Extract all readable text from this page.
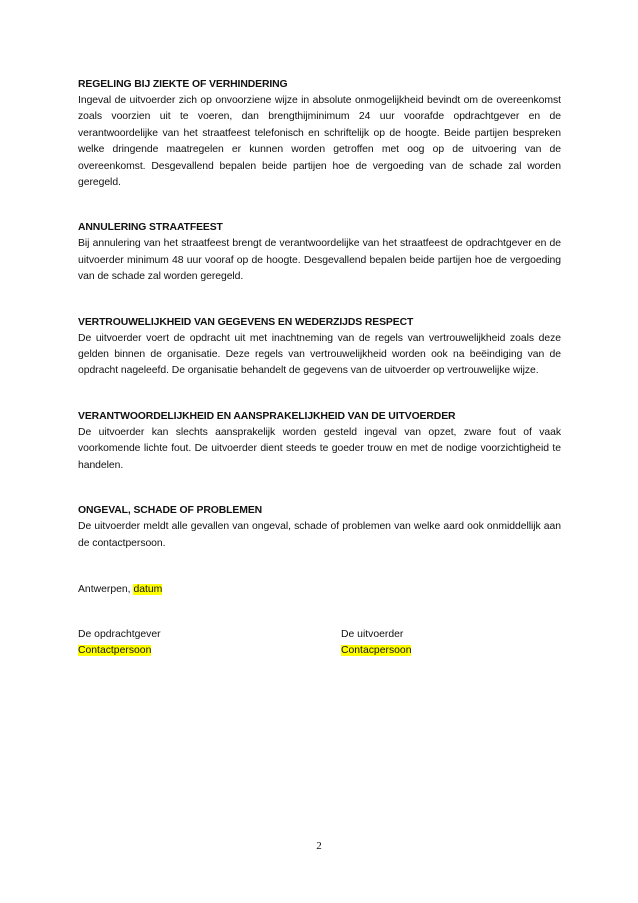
REGELING BIJ ZIEKTE OF VERHINDERING

Ingeval de uitvoerder zich op onvoorziene wijze in absolute onmogelijkheid bevindt om de overeenkomst zoals voorzien uit te voeren, dan brengthijminimum 24 uur voorafde opdrachtgever en de verantwoordelijke van het straatfeest telefonisch en schriftelijk op de hoogte. Beide partijen bespreken welke dringende maatregelen er kunnen worden getroffen met oog op de uitvoering van de overeenkomst. Desgevallend bepalen beide partijen hoe de vergoeding van de schade zal worden geregeld.

ANNULERING STRAATFEEST

Bij annulering van het straatfeest brengt de verantwoordelijke van het straatfeest de opdrachtgever en de uitvoerder minimum 48 uur vooraf op de hoogte. Desgevallend bepalen beide partijen hoe de vergoeding van de schade zal worden geregeld.

VERTROUWELIJKHEID VAN GEGEVENS EN WEDERZIJDS RESPECT

De uitvoerder voert de opdracht uit met inachtneming van de regels van vertrouwelijkheid zoals deze gelden binnen de organisatie. Deze regels van vertrouwelijkheid worden ook na beëindiging van de opdracht nageleefd. De organisatie behandelt de gegevens van de uitvoerder op vertrouwelijke wijze.

VERANTWOORDELIJKHEID EN AANSPRAKELIJKHEID VAN DE UITVOERDER

De uitvoerder kan slechts aansprakelijk worden gesteld ingeval van opzet, zware fout of vaak voorkomende lichte fout. De uitvoerder dient steeds te goeder trouw en met de nodige voorzichtigheid te handelen.

ONGEVAL, SCHADE OF PROBLEMEN

De uitvoerder meldt alle gevallen van ongeval, schade of problemen van welke aard ook onmiddellijk aan de contactpersoon.

Antwerpen, datum

De opdrachtgever
Contactpersoon
De uitvoerder
Contacpersoon
2
